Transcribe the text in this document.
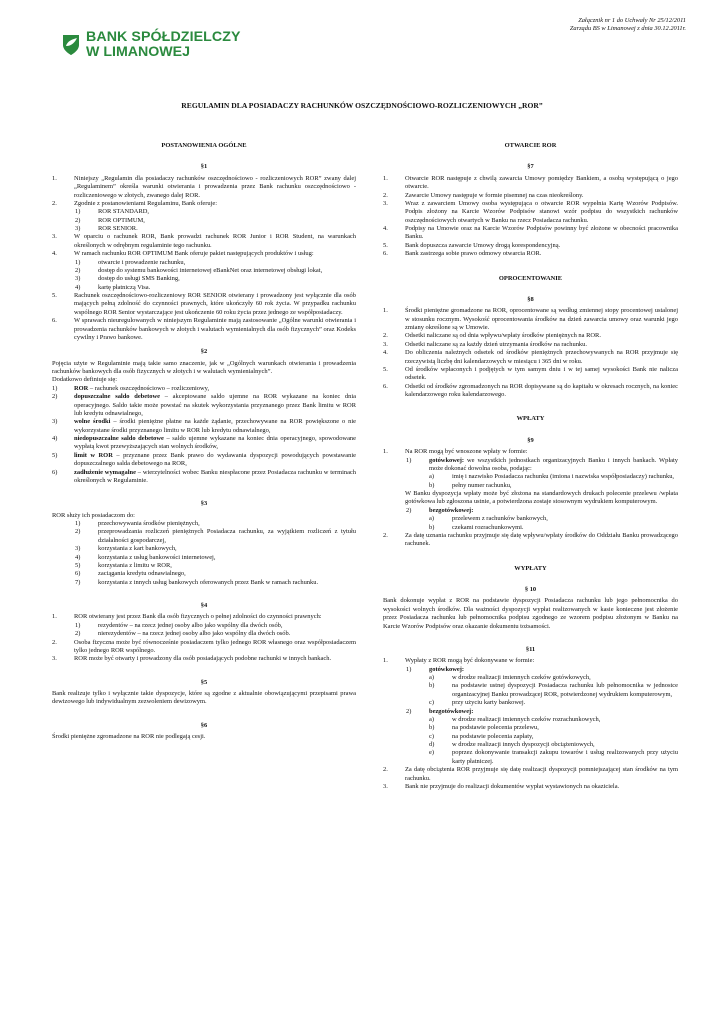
Załącznik nr 1 do Uchwały Nr 25/12/2011
Zarządu BS w Limanowej z dnia 30.12.2011r.
BANK SPÓŁDZIELCZY
W LIMANOWEJ
REGULAMIN DLA POSIADACZY RACHUNKÓW OSZCZĘDNOŚCIOWO-ROZLICZENIOWYCH „ROR”
POSTANOWIENIA OGÓLNE
§1
1.	Niniejszy „Regulamin dla posiadaczy rachunków oszczędnościowo - rozliczeniowych ROR” zwany dalej „Regulaminem” określa warunki otwierania i prowadzenia przez Bank rachunku oszczędnościowo - rozliczeniowego w złotych, zwanego dalej ROR.
2.	Zgodnie z postanowieniami Regulaminu, Bank oferuje:
1)	ROR STANDARD,
2)	ROR OPTIMUM,
3)	ROR SENIOR.
3.	W oparciu o rachunek ROR, Bank prowadzi rachunek ROR Junior i ROR Student, na warunkach określonych w odrębnym regulaminie tego rachunku.
4.	W ramach rachunku ROR OPTIMUM Bank oferuje pakiet następujących produktów i usług:
1)	otwarcie i prowadzenie rachunku,
2)	dostęp do systemu bankowości internetowej eBankNet oraz internetowej obsługi lokat,
3)	dostęp do usługi SMS Banking,
4)	kartę płatniczą Visa.
5.	Rachunek oszczędnościowo-rozliczeniowy ROR SENIOR otwierany i prowadzony jest wyłącznie dla osób mających pełną zdolność do czynności prawnych, które ukończyły 60 rok życia. W przypadku rachunku wspólnego ROR Senior wystarczające jest ukończenie 60 roku życia przez jednego ze współposiadaczy.
6.	W sprawach nieuregulowanych w niniejszym Regulaminie mają zastosowanie „Ogólne warunki otwierania i prowadzenia rachunków bankowych w złotych i walutach wymienialnych dla osób fizycznych” oraz Kodeks cywilny i Prawo bankowe.
§2

Pojęcia użyte w Regulaminie mają takie samo znaczenie, jak w „Ogólnych warunkach otwierania i prowadzenia rachunków bankowych dla osób fizycznych w złotych i w walutach wymienialnych”.

Dodatkowo definiuje się:

1)	ROR – rachunek oszczędnościowo – rozliczeniowy,
2)	dopuszczalne saldo debetowe – akceptowane saldo ujemne na ROR wykazane na koniec dnia operacyjnego. Saldo takie może powstać na skutek wykorzystania przyznanego przez Bank limitu w ROR lub kredytu odnawialnego,
3)	wolne środki – środki pieniężne płatne na każde żądanie, przechowywane na ROR powiększone o nie wykorzystane środki przyznanego limitu w ROR lub kredytu odnawialnego,
4)	niedopuszczalne saldo debetowe – saldo ujemne wykazane na koniec dnia operacyjnego, spowodowane wypłatą kwot przewyższających stan wolnych środków,
5)	limit w ROR – przyznane przez Bank prawo do wydawania dyspozycji powodujących powstawanie dopuszczalnego salda debetowego na ROR,
6)	zadłużenie wymagalne – wierzytelności wobec Banku niespłacone przez Posiadacza rachunku w terminach określonych w Regulaminie.
§3

ROR służy ich posiadaczom do:

1)	przechowywania środków pieniężnych,
2)	przeprowadzania rozliczeń pieniężnych Posiadacza rachunku, za wyjątkiem rozliczeń z tytułu działalności gospodarczej,
3)	korzystania z kart bankowych,
4)	korzystania z usług bankowości internetowej,
5)	korzystania z limitu w ROR,
6)	zaciągania kredytu odnawialnego,
7)	korzystania z innych usług bankowych oferowanych przez Bank w ramach rachunku.
§4
1.	ROR otwierany jest przez Bank dla osób fizycznych o pełnej zdolności do czynności prawnych:
1)	rezydentów – na rzecz jednej osoby albo jako wspólny dla dwóch osób,
2)	nierezydentów – na rzecz jednej osoby albo jako wspólny dla dwóch osób.
2.	Osoba fizyczna może być równocześnie posiadaczem tylko jednego ROR własnego oraz współposiadaczem tylko jednego ROR wspólnego.
3.	ROR może być otwarty i prowadzony dla osób posiadających podobne rachunki w innych bankach.
§5

Bank realizuje tylko i wyłącznie takie dyspozycje, które są zgodne z aktualnie obowiązującymi przepisami prawa dewizowego lub indywidualnym zezwoleniem dewizowym.

§6

Środki pieniężne zgromadzone na ROR nie podlegają cesji.

OTWARCIE ROR
§7
1.	Otwarcie ROR następuje z chwilą zawarcia Umowy pomiędzy Bankiem, a osobą występującą o jego otwarcie.
2.	Zawarcie Umowy następuje w formie pisemnej na czas nieokreślony.
3.	Wraz z zawarciem Umowy osoba występująca o otwarcie ROR wypełnia Kartę Wzorów Podpisów. Podpis złożony na Karcie Wzorów Podpisów stanowi wzór podpisu do wszystkich rachunków oszczędnościowych otwartych w Banku na rzecz Posiadacza rachunku.
4.	Podpisy na Umowie oraz na Karcie Wzorów Podpisów powinny być złożone w obecności pracownika Banku.
5.	Bank dopuszcza zawarcie Umowy drogą korespondencyjną.
6.	Bank zastrzega sobie prawo odmowy otwarcia ROR.
OPROCENTOWANIE
§8
1.	Środki pieniężne gromadzone na ROR, oprocentowane są według zmiennej stopy procentowej ustalonej w stosunku rocznym. Wysokość oprocentowania środków na dzień zawarcia umowy oraz warunki jego zmiany określone są w Umowie.
2.	Odsetki naliczane są od dnia wpływu/wpłaty środków pieniężnych na ROR.
3.	Odsetki naliczane są za każdy dzień utrzymania środków na rachunku.
4.	Do obliczenia należnych odsetek od środków pieniężnych przechowywanych na ROR przyjmuje się rzeczywistą liczbę dni kalendarzowych w miesiącu i 365 dni w roku.
5.	Od środków wpłaconych i podjętych w tym samym dniu i w tej samej wysokości Bank nie nalicza odsetek.
6.	Odsetki od środków zgromadzonych na ROR dopisywane są do kapitału w okresach rocznych, na koniec kalendarzowego roku kalendarzowego.
WPŁATY
§9
1.	Na ROR mogą być wnoszone wpłaty w formie:
1)	gotówkowej: we wszystkich jednostkach organizacyjnych Banku i innych bankach. Wpłaty może dokonać dowolna osoba, podając:
a)	imię i nazwisko Posiadacza rachunku (imiona i nazwiska współposiadaczy) rachunku,
b)	pełny numer rachunku,

W Banku dyspozycja wpłaty może być złożona na standardowych drukach polecenie przelewu /wpłata gotówkowa lub zgłoszona ustnie, a potwierdzona zostaje stosownym wydrukiem komputerowym.

2)	bezgotówkowej:
a)	przelewem z rachunków bankowych,
b)	czekami rozrachunkowymi.
2.	Za datę uznania rachunku przyjmuje się datę wpływu/wpłaty środków do Oddziału Banku prowadzącego rachunek.
WYPŁATY
§ 10

Bank dokonuje wypłat z ROR na podstawie dyspozycji Posiadacza rachunku lub jego pełnomocnika do wysokości wolnych środków. Dla ważności dyspozycji wypłat realizowanych w kasie konieczne jest złożenie przez Posiadacza rachunku lub pełnomocnika podpisu zgodnego ze wzorem podpisu złożonym w Banku na Karcie Wzorów Podpisów oraz okazanie dokumentu tożsamości.

§11
1.	Wypłaty z ROR mogą być dokonywane w formie:
1)	gotówkowej:
a)	w drodze realizacji imiennych czeków gotówkowych,
b)	na podstawie ustnej dyspozycji Posiadacza rachunku lub pełnomocnika w jednostce organizacyjnej Banku prowadzącej ROR, potwierdzonej wydrukiem komputerowym,
c)	przy użyciu karty bankowej.
2)	bezgotówkowej:
a)	w drodze realizacji imiennych czeków rozrachunkowych,
b)	na podstawie polecenia przelewu,
c)	na podstawie polecenia zapłaty,
d)	w drodze realizacji innych dyspozycji obciążeniowych,
e)	poprzez dokonywanie transakcji zakupu towarów i usług realizowanych przy użyciu karty płatniczej.
2.	Za datę obciążenia ROR przyjmuje się datę realizacji dyspozycji pomniejszającej stan środków na tym rachunku.
3.	Bank nie przyjmuje do realizacji dokumentów wypłat wystawionych na okaziciela.
